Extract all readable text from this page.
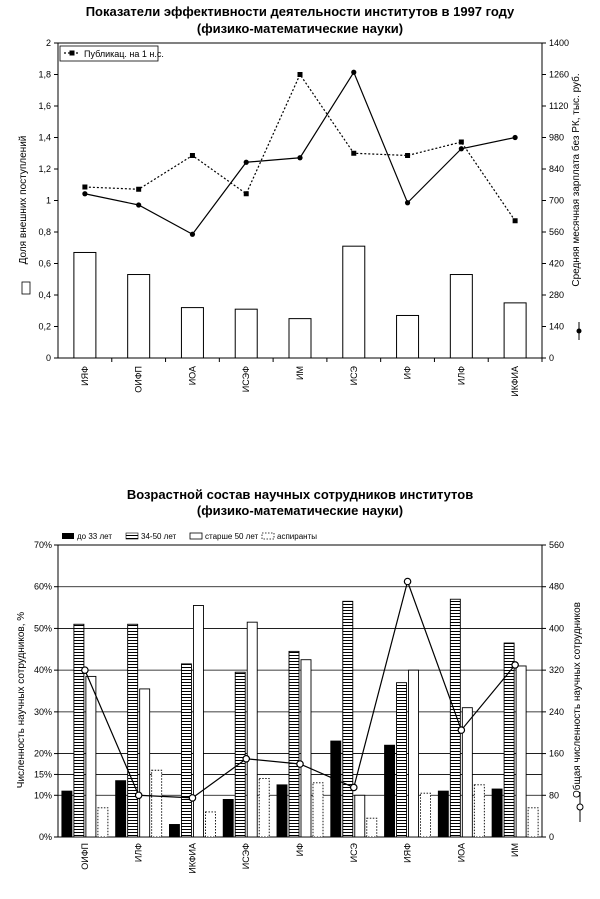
Показатели эффективности деятельности институтов в 1997 году
(физико-математические науки)
Возрастной состав научных сотрудников институтов
(физико-математические науки)
Публикац. на 1 н.с.
Доля внешних поступлений	Средняя месячная зарплата без РК, тыс. руб.
0
0,2
0,4
0,6
0,8
1
1,2
1,4
1,6
1,8
2
0
140
280
420
560
700
840
980
1120
1260
1400
ИЯФ	ОИФП	ИОА	ИСЭФ	ИМ	ИСЭ	ИФ	ИЛФ	ИКФИА
до 33 лет	34-50 лет	старше 50 лет аспиранты
Численность научных сотрудников, %	Общая численность научных сотрудников
0%
10%
15%
20%
30%
40%
50%
60%
70%
0
80
160
240
320
400
480
560
ОИФП	ИЛФ	ИКФИА	ИСЭФ	ИФ	ИСЭ	ИЯФ	ИОА	ИМ
